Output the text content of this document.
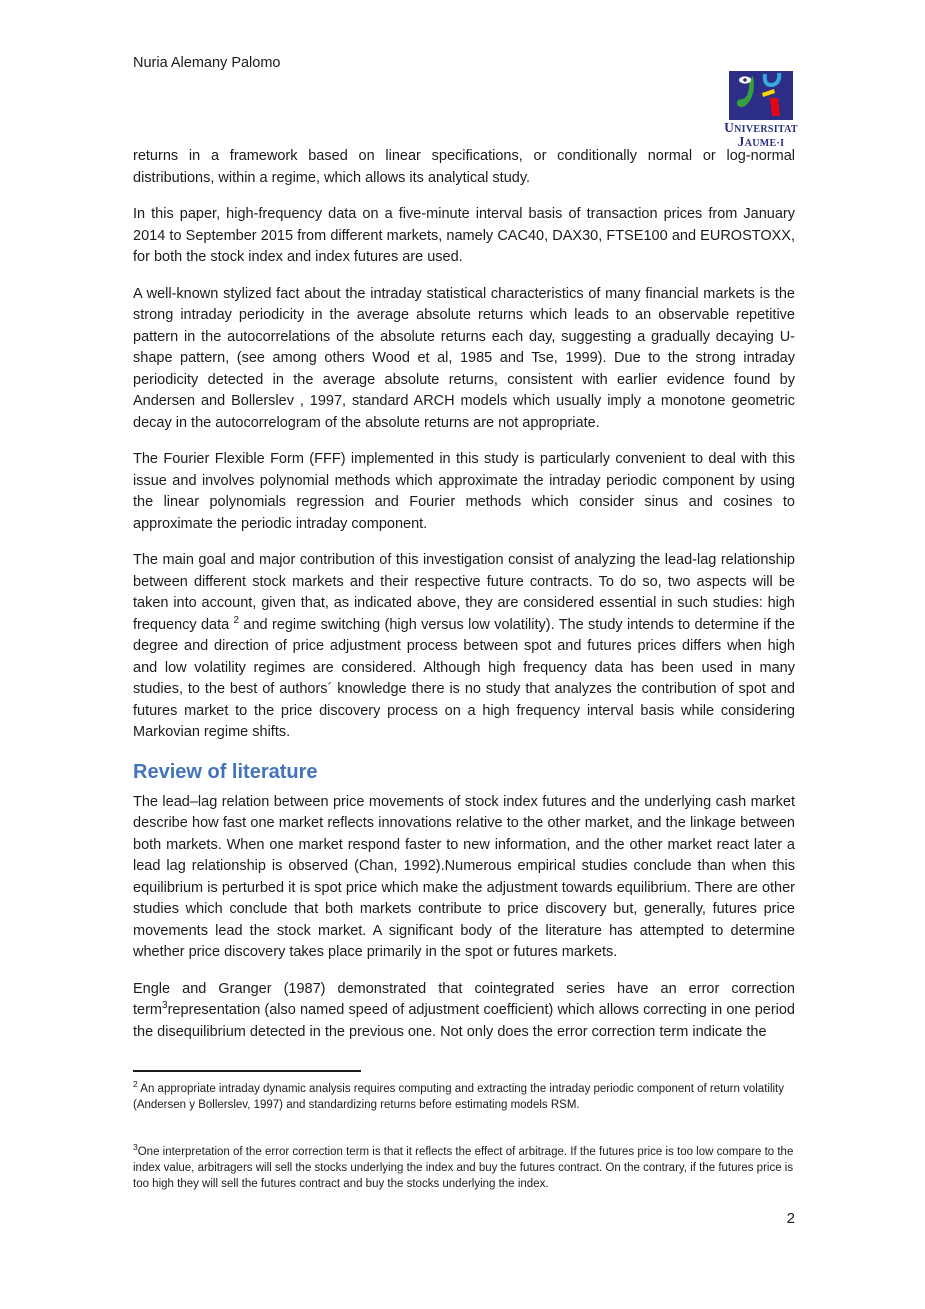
Nuria Alemany Palomo
UNIVERSITAT
JAUME·I

returns in a framework based on linear specifications, or conditionally normal or log-normal distributions, within a regime, which allows its analytical study.

In this paper, high-frequency data on a five-minute interval basis of transaction prices from January 2014 to September 2015 from different markets, namely CAC40, DAX30, FTSE100 and EUROSTOXX, for both the stock index and index futures are used.

A well-known stylized fact about the intraday statistical characteristics of many financial markets is the strong intraday periodicity in the average absolute returns which leads to an observable repetitive pattern in the autocorrelations of the absolute returns each day, suggesting a gradually decaying U-shape pattern, (see among others Wood et al, 1985 and Tse, 1999). Due to the strong intraday periodicity detected in the average absolute returns, consistent with earlier evidence found by Andersen and Bollerslev , 1997, standard ARCH models which usually imply a monotone geometric decay in the autocorrelogram of the absolute returns are not appropriate.

The Fourier Flexible Form (FFF) implemented in this study is particularly convenient to deal with this issue and involves polynomial methods which approximate the intraday periodic component by using the linear polynomials regression and Fourier methods which consider sinus and cosines to approximate the periodic intraday component.

The main goal and major contribution of this investigation consist of analyzing the lead-lag relationship between different stock markets and their respective future contracts. To do so, two aspects will be taken into account, given that, as indicated above, they are considered essential in such studies: high frequency data $^2$ and regime switching (high versus low volatility). The study intends to determine if the degree and direction of price adjustment process between spot and futures prices differs when high and low volatility regimes are considered. Although high frequency data has been used in many studies, to the best of authors´ knowledge there is no study that analyzes the contribution of spot and futures market to the price discovery process on a high frequency interval basis while considering Markovian regime shifts.

Review of literature

The lead–lag relation between price movements of stock index futures and the underlying cash market describe how fast one market reflects innovations relative to the other market, and the linkage between both markets. When one market respond faster to new information, and the other market react later a lead lag relationship is observed (Chan, 1992).Numerous empirical studies conclude than when this equilibrium is perturbed it is spot price which make the adjustment towards equilibrium. There are other studies which conclude that both markets contribute to price discovery but, generally, futures price movements lead the stock market. A significant body of the literature has attempted to determine whether price discovery takes place primarily in the spot or futures markets.

Engle and Granger (1987) demonstrated that cointegrated series have an error correction term$^3$representation (also named speed of adjustment coefficient) which allows correcting in one period the disequilibrium detected in the previous one. Not only does the error correction term indicate the

$^2$ An appropriate intraday dynamic analysis requires computing and extracting the intraday periodic component of return volatility (Andersen y Bollerslev, 1997) and standardizing returns before estimating models RSM.

$^3$One interpretation of the error correction term is that it reflects the effect of arbitrage. If the futures price is too low compare to the index value, arbitragers will sell the stocks underlying the index and buy the futures contract. On the contrary, if the futures price is too high they will sell the futures contract and buy the stocks underlying the index.

2
